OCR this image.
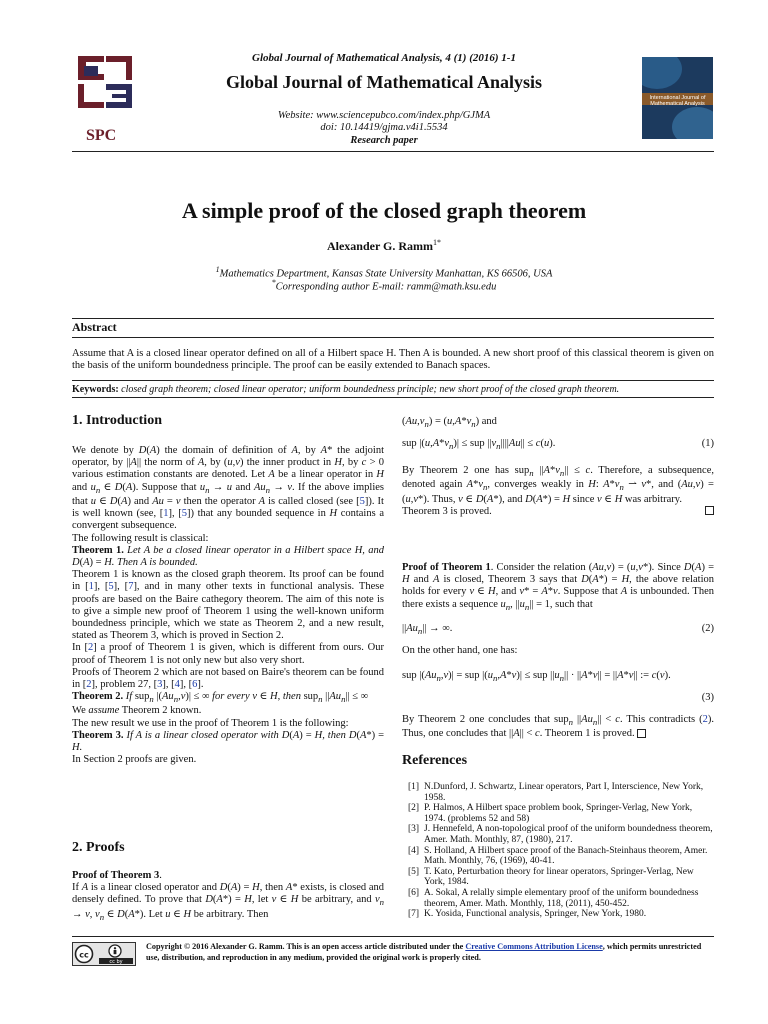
Global Journal of Mathematical Analysis, 4 (1) (2016) 1-1
SPC
Global Journal of Mathematical Analysis
Website: www.sciencepubco.com/index.php/GJMA
doi: 10.14419/gjma.v4i1.5534
Research paper
International Journal of Mathematical Analysis
A simple proof of the closed graph theorem
Alexander G. Ramm$^{1*}$
$^1$Mathematics Department, Kansas State University Manhattan, KS 66506, USA
*Corresponding author E-mail: ramm@math.ksu.edu
Abstract
Assume that A is a closed linear operator defined on all of a Hilbert space H. Then A is bounded. A new short proof of this classical theorem is given on the basis of the uniform boundedness principle. The proof can be easily extended to Banach spaces.
Keywords: closed graph theorem; closed linear operator; uniform boundedness principle; new short proof of the closed graph theorem.
1. Introduction
We denote by D(A) the domain of definition of A, by A* the adjoint operator, by ||A|| the norm of A, by (u,v) the inner product in H, by c > 0 various estimation constants are denoted. Let A be a linear operator in H and $u_n$ ∈ D(A). Suppose that $u_n \to u$ and $Au_n \to v$. If the above implies that u ∈ D(A) and Au = v then the operator A is called closed (see [5]). It is well known (see, [1], [5]) that any bounded sequence in H contains a convergent subsequence.
The following result is classical:
Theorem 1. Let A be a closed linear operator in a Hilbert space H, and D(A) = H. Then A is bounded.
Theorem 1 is known as the closed graph theorem. Its proof can be found in [1], [5], [7], and in many other texts in functional analysis. These proofs are based on the Baire cathegory theorem. The aim of this note is to give a simple new proof of Theorem 1 using the well-known uniform boundedness principle, which we state as Theorem 2, and a new result, stated as Theorem 3, which is proved in Section 2.
In [2] a proof of Theorem 1 is given, which is different from ours. Our proof of Theorem 1 is not only new but also very short.
Proofs of Theorem 2 which are not based on Baire's theorem can be found in [2], problem 27, [3], [4], [6].
Theorem 2. If sup$_n$ $|(Au_n,v)|$ ≤ ∞ for every v ∈ H, then sup$_n$ $||Au_n||$ ≤ ∞
We assume Theorem 2 known.
The new result we use in the proof of Theorem 1 is the following:
Theorem 3. If A is a linear closed operator with D(A) = H, then D(A*) = H.
In Section 2 proofs are given.
2. Proofs
Proof of Theorem 3.
If A is a linear closed operator and D(A) = H, then A* exists, is closed and densely defined. To prove that D(A*) = H, let v ∈ H be arbitrary, and $v_n \to v$, $v_n$ ∈ D(A*). Let u ∈ H be arbitrary. Then
$(Au,v_n) = (u,A*v_n)$ and
sup $|(u,A*v_n)|$ ≤ sup $||v_n||||Au|| \le c(u)$.	(1)
By Theorem 2 one has sup$_n$ $||A*v_n|| \le c$. Therefore, a subsequence, denoted again $A*v_n$, converges weakly in H: $A*v_n$ ⇀ v*, and (Au,v) = (u,v*). Thus, v ∈ D(A*), and D(A*) = H since v ∈ H was arbitrary.
Theorem 3 is proved.
Proof of Theorem 1. Consider the relation (Au,v) = (u,v*). Since D(A) = H and A is closed, Theorem 3 says that D(A*) = H, the above relation holds for every v ∈ H, and v* = A*v. Suppose that A is unbounded. Then there exists a sequence $u_n$, $||u_n|| = 1$, such that
$||Au_n||$ → ∞.	(2)
On the other hand, one has:
sup $|(Au_n,v)|$ = sup $|(u_n,A*v)|$ ≤ sup $||u_n|| \cdot ||A*v|| = ||A*v||$ := c(v).
(3)

By Theorem 2 one concludes that sup$_n$ $||Au_n|| < c$. This contradicts (2). Thus, one concludes that ||A|| < c. Theorem 1 is proved.
References
[1] N.Dunford, J. Schwartz, Linear operators, Part I, Interscience, New York, 1958.
[2] P. Halmos, A Hilbert space problem book, Springer-Verlag, New York, 1974. (problems 52 and 58)
[3] J. Hennefeld, A non-topological proof of the uniform boundedness theorem, Amer. Math. Monthly, 87, (1980), 217.
[4] S. Holland, A Hilbert space proof of the Banach-Steinhaus theorem, Amer. Math. Monthly, 76, (1969), 40-41.
[5] T. Kato, Perturbation theory for linear operators, Springer-Verlag, New York, 1984.
[6] A. Sokal, A relally simple elementary proof of the uniform boundedness theorem, Amer. Math. Monthly, 118, (2011), 450-452.
[7] K. Yosida, Functional analysis, Springer, New York, 1980.
cc
cc by
Copyright © 2016 Alexander G. Ramm. This is an open access article distributed under the Creative Commons Attribution License, which permits unrestricted use, distribution, and reproduction in any medium, provided the original work is properly cited.
